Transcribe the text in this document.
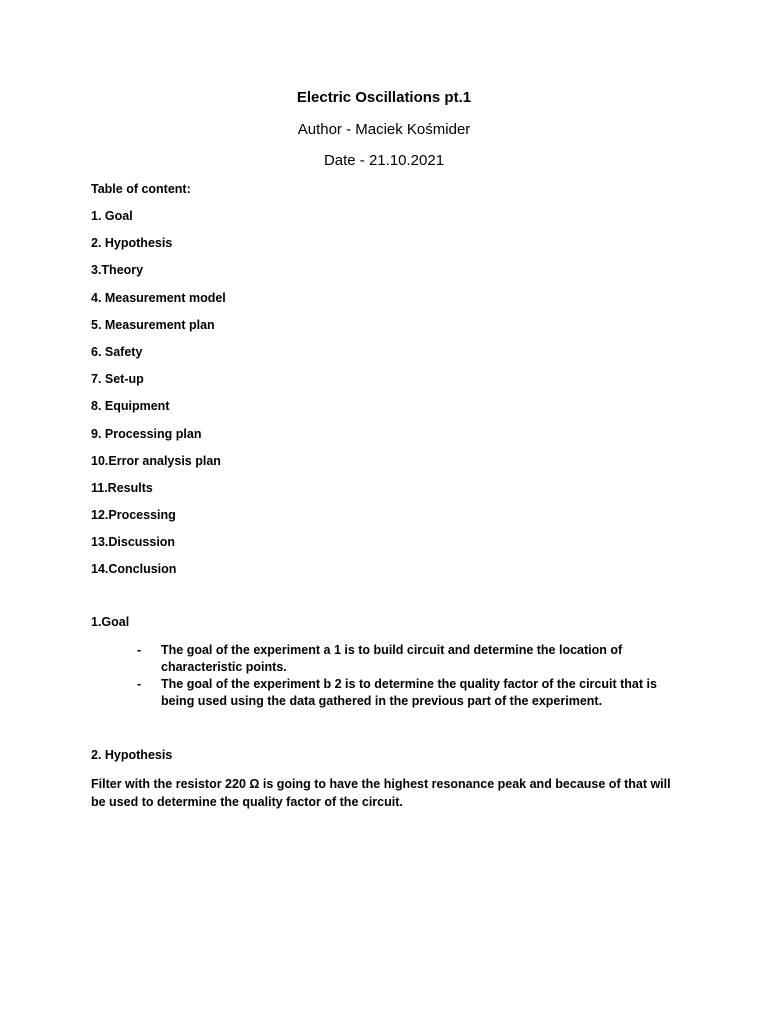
Electric Oscillations pt.1
Author - Maciek Kośmider
Date - 21.10.2021
Table of content:
1. Goal
2. Hypothesis
3.Theory
4. Measurement model
5. Measurement plan
6. Safety
7. Set-up
8. Equipment
9. Processing plan
10.Error analysis plan
11.Results
12.Processing
13.Discussion
14.Conclusion
1.Goal
- The goal of the experiment a 1 is to build circuit and determine the location of characteristic points.
- The goal of the experiment b 2 is to determine the quality factor of the circuit that is being used using the data gathered in the previous part of the experiment.
2. Hypothesis
Filter with the resistor 220 Ω is going to have the highest resonance peak and because of that will be used to determine the quality factor of the circuit.
